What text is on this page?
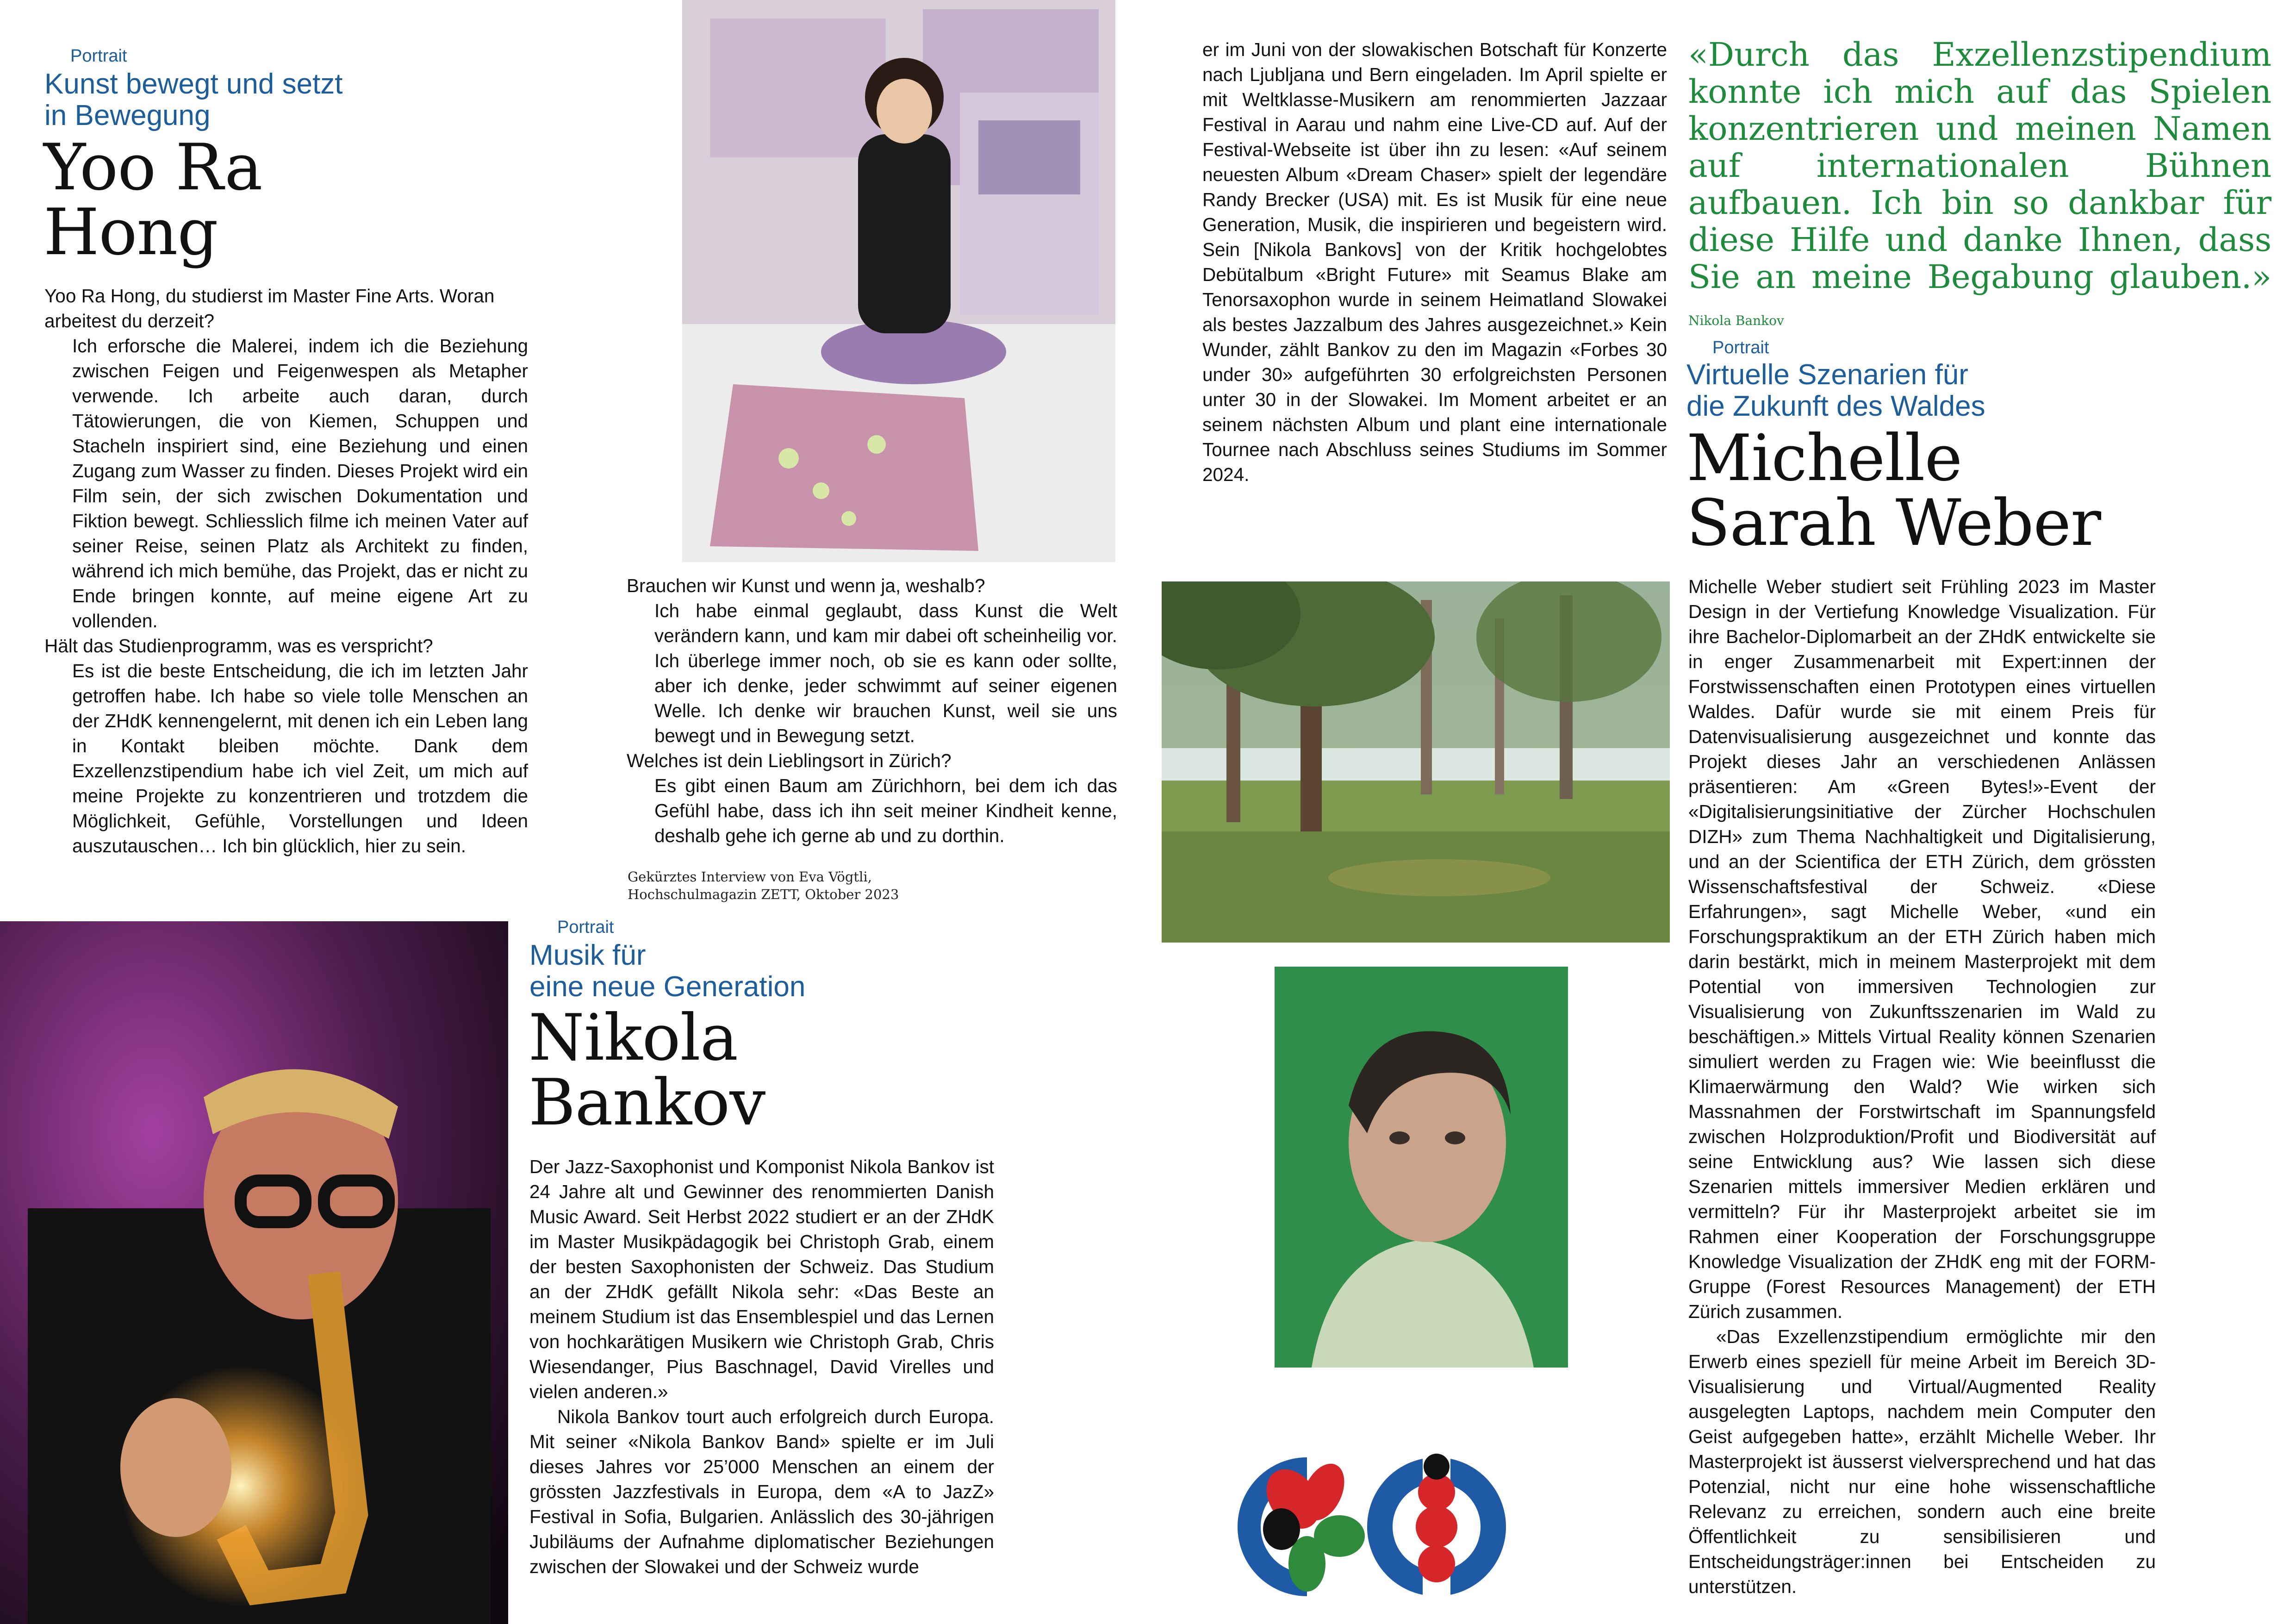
Portrait
Kunst bewegt und setzt
in Bewegung
Yoo Ra
Hong

Yoo Ra Hong, du studierst im Master Fine Arts. Woran arbeitest du derzeit?

Ich erforsche die Malerei, indem ich die Beziehung zwischen Feigen und Feigenwespen als Metapher verwende. Ich arbeite auch daran, durch Tätowierungen, die von Kiemen, Schuppen und Stacheln inspiriert sind, eine Beziehung und einen Zugang zum Wasser zu finden. Dieses Projekt wird ein Film sein, der sich zwischen Dokumentation und Fiktion bewegt. Schliesslich filme ich meinen Vater auf seiner Reise, seinen Platz als Architekt zu finden, während ich mich bemühe, das Projekt, das er nicht zu Ende bringen konnte, auf meine eigene Art zu vollenden.

Hält das Studienprogramm, was es verspricht?

Es ist die beste Entscheidung, die ich im letzten Jahr getroffen habe. Ich habe so viele tolle Menschen an der ZHdK kennengelernt, mit denen ich ein Leben lang in Kontakt bleiben möchte. Dank dem Exzellenzstipendium habe ich viel Zeit, um mich auf meine Projekte zu konzentrieren und trotzdem die Möglichkeit, Gefühle, Vorstellungen und Ideen auszutauschen… Ich bin glücklich, hier zu sein.

Brauchen wir Kunst und wenn ja, weshalb?

Ich habe einmal geglaubt, dass Kunst die Welt verändern kann, und kam mir dabei oft scheinheilig vor. Ich überlege immer noch, ob sie es kann oder sollte, aber ich denke, jeder schwimmt auf seiner eigenen Welle. Ich denke wir brauchen Kunst, weil sie uns bewegt und in Bewegung setzt.

Welches ist dein Lieblingsort in Zürich?

Es gibt einen Baum am Zürichhorn, bei dem ich das Gefühl habe, dass ich ihn seit meiner Kindheit kenne, deshalb gehe ich gerne ab und zu dorthin.

Gekürztes Interview von Eva Vögtli,
Hochschulmagazin ZETT, Oktober 2023
Portrait
Musik für
eine neue Generation
Nikola
Bankov

Der Jazz-Saxophonist und Komponist Nikola Bankov ist 24 Jahre alt und Gewinner des renommierten Danish Music Award. Seit Herbst 2022 studiert er an der ZHdK im Master Musikpädagogik bei Christoph Grab, einem der besten Saxophonisten der Schweiz. Das Studium an der ZHdK gefällt Nikola sehr: «Das Beste an meinem Studium ist das Ensemblespiel und das Lernen von hochkarätigen Musikern wie Christoph Grab, Chris Wiesendanger, Pius Baschnagel, David Virelles und vielen anderen.»

Nikola Bankov tourt auch erfolgreich durch Europa. Mit seiner «Nikola Bankov Band» spielte er im Juli dieses Jahres vor 25’000 Menschen an einem der grössten Jazzfestivals in Europa, dem «A to JazZ» Festival in Sofia, Bulgarien. Anlässlich des 30-jährigen Jubiläums der Aufnahme diplomatischer Beziehungen zwischen der Slowakei und der Schweiz wurde

er im Juni von der slowakischen Botschaft für Konzerte nach Ljubljana und Bern eingeladen. Im April spielte er mit Weltklasse-Musikern am renommierten Jazzaar Festival in Aarau und nahm eine Live-CD auf. Auf der Festival-Webseite ist über ihn zu lesen: «Auf seinem neuesten Album «Dream Chaser» spielt der legendäre Randy Brecker (USA) mit. Es ist Musik für eine neue Generation, Musik, die inspirieren und begeistern wird. Sein [Nikola Bankovs] von der Kritik hochgelobtes Debütalbum «Bright Future» mit Seamus Blake am Tenorsaxophon wurde in seinem Heimatland Slowakei als bestes Jazzalbum des Jahres ausgezeichnet.» Kein Wunder, zählt Bankov zu den im Magazin «Forbes 30 under 30» aufgeführten 30 erfolgreichsten Personen unter 30 in der Slowakei. Im Moment arbeitet er an seinem nächsten Album und plant eine internationale Tournee nach Abschluss seines Studiums im Sommer 2024.

«Durch das Exzellenzstipendium konnte ich mich auf das Spielen konzentrieren und meinen Namen auf internationalen Bühnen aufbauen. Ich bin so dankbar für diese Hilfe und danke Ihnen, dass Sie an meine Begabung glauben.» Nikola Bankov
Portrait
Virtuelle Szenarien für
die Zukunft des Waldes
Michelle
Sarah Weber

Michelle Weber studiert seit Frühling 2023 im Master Design in der Vertiefung Knowledge Visualization. Für ihre Bachelor-Diplomarbeit an der ZHdK entwickelte sie in enger Zusammenarbeit mit Expert:innen der Forstwissenschaften einen Prototypen eines virtuellen Waldes. Dafür wurde sie mit einem Preis für Datenvisualisierung ausgezeichnet und konnte das Projekt dieses Jahr an verschiedenen Anlässen präsentieren: Am «Green Bytes!»-Event der «Digitalisierungsinitiative der Zürcher Hochschulen DIZH» zum Thema Nachhaltigkeit und Digitalisierung, und an der Scientifica der ETH Zürich, dem grössten Wissenschaftsfestival der Schweiz. «Diese Erfahrungen», sagt Michelle Weber, «und ein Forschungspraktikum an der ETH Zürich haben mich darin bestärkt, mich in meinem Masterprojekt mit dem Potential von immersiven Technologien zur Visualisierung von Zukunftsszenarien im Wald zu beschäftigen.» Mittels Virtual Reality können Szenarien simuliert werden zu Fragen wie: Wie beeinflusst die Klimaerwärmung den Wald? Wie wirken sich Massnahmen der Forstwirtschaft im Spannungsfeld zwischen Holzproduktion/Profit und Biodiversität auf seine Entwicklung aus? Wie lassen sich diese Szenarien mittels immersiver Medien erklären und vermitteln? Für ihr Masterprojekt arbeitet sie im Rahmen einer Kooperation der Forschungsgruppe Knowledge Visualization der ZHdK eng mit der FORM-Gruppe (Forest Resources Management) der ETH Zürich zusammen.

«Das Exzellenzstipendium ermöglichte mir den Erwerb eines speziell für meine Arbeit im Bereich 3D-Visualisierung und Virtual/Augmented Reality ausgelegten Laptops, nachdem mein Computer den Geist aufgegeben hatte», erzählt Michelle Weber. Ihr Masterprojekt ist äusserst vielversprechend und hat das Potenzial, nicht nur eine hohe wissenschaftliche Relevanz zu erreichen, sondern auch eine breite Öffentlichkeit zu sensibilisieren und Entscheidungsträger:innen bei Entscheiden zu unterstützen.
